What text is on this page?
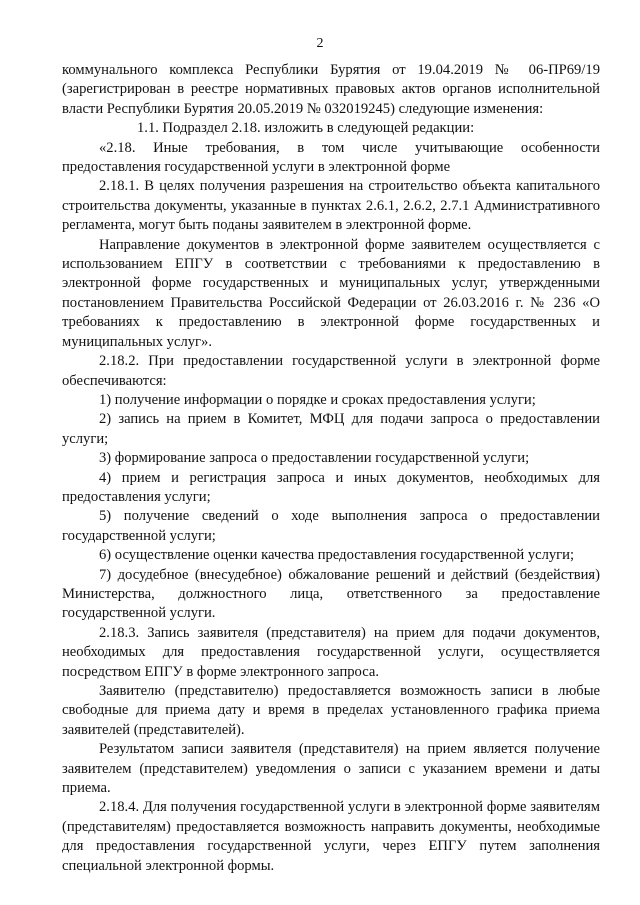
2

коммунального комплекса Республики Бурятия от 19.04.2019 № 06-ПР69/19 (зарегистрирован в реестре нормативных правовых актов органов исполнительной власти Республики Бурятия 20.05.2019 № 032019245) следующие изменения:

1.1. Подраздел 2.18. изложить в следующей редакции:

«2.18. Иные требования, в том числе учитывающие особенности предоставления государственной услуги в электронной форме

2.18.1. В целях получения разрешения на строительство объекта капитального строительства документы, указанные в пунктах 2.6.1, 2.6.2, 2.7.1 Административного регламента, могут быть поданы заявителем в электронной форме.

Направление документов в электронной форме заявителем осуществляется с использованием ЕПГУ в соответствии с требованиями к предоставлению в электронной форме государственных и муниципальных услуг, утвержденными постановлением Правительства Российской Федерации от 26.03.2016 г. № 236 «О требованиях к предоставлению в электронной форме государственных и муниципальных услуг».

2.18.2. При предоставлении государственной услуги в электронной форме обеспечиваются:

1) получение информации о порядке и сроках предоставления услуги;

2) запись на прием в Комитет, МФЦ для подачи запроса о предоставлении услуги;

3) формирование запроса о предоставлении государственной услуги;

4) прием и регистрация запроса и иных документов, необходимых для предоставления услуги;

5) получение сведений о ходе выполнения запроса о предоставлении государственной услуги;

6) осуществление оценки качества предоставления государственной услуги;

7) досудебное (внесудебное) обжалование решений и действий (бездействия) Министерства, должностного лица, ответственного за предоставление государственной услуги.

2.18.3. Запись заявителя (представителя) на прием для подачи документов, необходимых для предоставления государственной услуги, осуществляется посредством ЕПГУ в форме электронного запроса.

Заявителю (представителю) предоставляется возможность записи в любые свободные для приема дату и время в пределах установленного графика приема заявителей (представителей).

Результатом записи заявителя (представителя) на прием является получение заявителем (представителем) уведомления о записи с указанием времени и даты приема.

2.18.4. Для получения государственной услуги в электронной форме заявителям (представителям) предоставляется возможность направить документы, необходимые для предоставления государственной услуги, через ЕПГУ путем заполнения специальной электронной формы.
